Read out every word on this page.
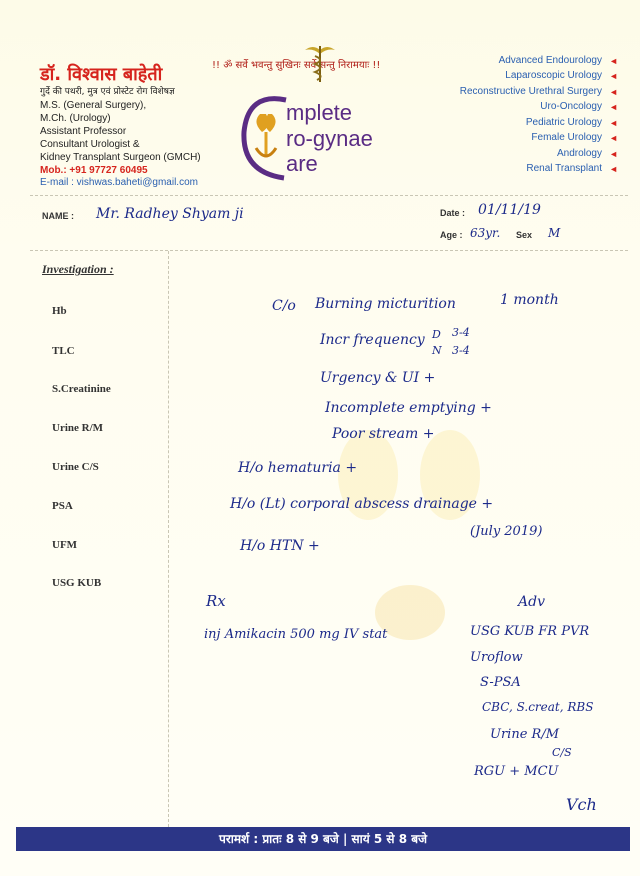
डॉ. विश्वास बाहेती
गुर्दे की पथरी, मुत्र एवं प्रोस्टेट रोग विशेषज्ञ
M.S. (General Surgery),
M.Ch. (Urology)
Assistant Professor
Consultant Urologist &
Kidney Transplant Surgeon (GMCH)
Mob.: +91 97727 60495
E-mail : vishwas.baheti@gmail.com
!! ॐ सर्वे भवन्तु सुखिनः सर्वे सन्तु निरामयाः !!
mplete
ro-gynae
are
Advanced Endourology
Laparoscopic Urology
Reconstructive Urethral Surgery
Uro-Oncology
Pediatric Urology
Female Urology
Andrology
Renal Transplant
◄
◄
◄
◄
◄
◄
◄
◄
NAME : Mr. Radhey Shyam ji	Date : 01/11/19
Age : 63yr. Sex M
Investigation :
Hb
TLC
S.Creatinine
Urine R/M
Urine C/S
PSA
UFM
USG KUB
C/o Burning micturition	1 month
Incr frequency D
N
3-4
3-4
Urgency & UI +
Incomplete emptying +
Poor stream +
H/o hematuria +
H/o (Lt) corporal abscess drainage +
(July 2019)
H/o HTN +
Rx
inj Amikacin 500 mg IV stat
Adv
USG KUB FR PVR
Uroflow
S-PSA
CBC, S.creat, RBS
Urine R/M
C/S
RGU + MCU
Vch
परामर्श : प्रातः 8 से 9 बजे | सायं 5 से 8 बजे
